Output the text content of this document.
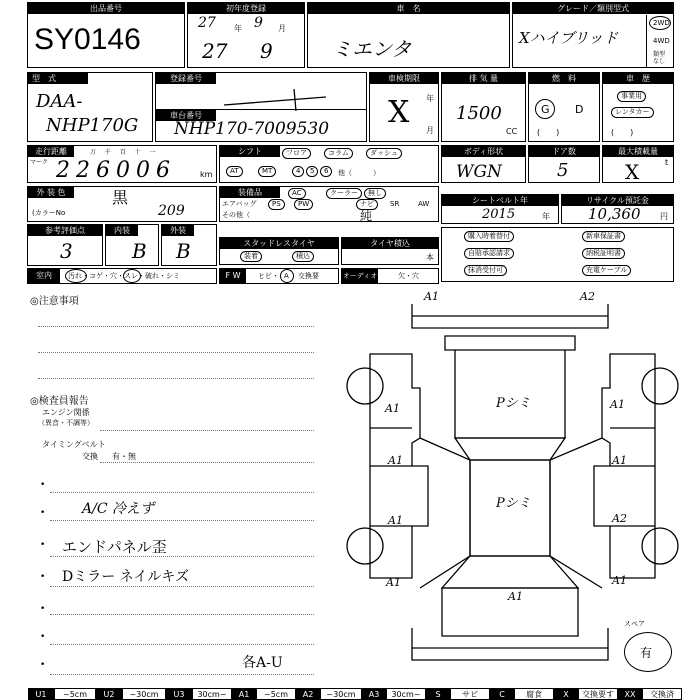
出品番号
SY0146
初年度登録
27 年 9 月
27 9
車　名
ミエンタ
グレード／類別型式
Xハイブリッド
2WD
4WD
類型
なし
型　式
DAA-
NHP170G
登録番号
車台番号
NHP170-7009530
車検期限
X 年
月
排 気 量
1500
CC
燃　料
G D
(　　)
車　歴
事業用
レンタカー
(　　)
走行距離
マーク
万 千 百 十 一
226006	km
シフト	フロア	コラム	ダッシュ
AT	MT	4	5	6	他（　　　）
ボディ形状
WGN
ドア数
5
最大積載量
X	t
外 装 色	黒
(カラーNo	209
装備品	AC	クーラー	無し
エアバッグ	PS	PW	ナビ	SR	AW
その他（	純
シートベルト年
2015	年
リサイクル預託金
10,360 円
参考評価点
3
内装
B
外装
B	スタッドレスタイヤ
装着	積込
タイヤ積込
本
購入時着替付	新車保証書
自賠承認請求	納税証明書
抹消受付可	充電ケーブル
室内	汚れ・コゲ・穴・スレ・破れ・シミ	F W	ヒビ・ A 交換要	オーディオ	欠・穴
◎注意事項
◎検査員報告
エンジン関係
（異音・不調等）
タイミングベルト
交換 有・無
•
•	A/C 冷えず
• エンドパネル歪
• Dミラー ネイルキズ
•
•
•	各A-U
A1	A2
Pシミ
Pシミ
A1	A1
A1	A1
A1	A2
A1	A1
A1
スペア
有
U1	~5cm	U2	~30cm	U3	30cm~	A1	~5cm	A2	~30cm	A3	30cm~	S	サビ	C	腐食	X	交換要す	XX	交換済
